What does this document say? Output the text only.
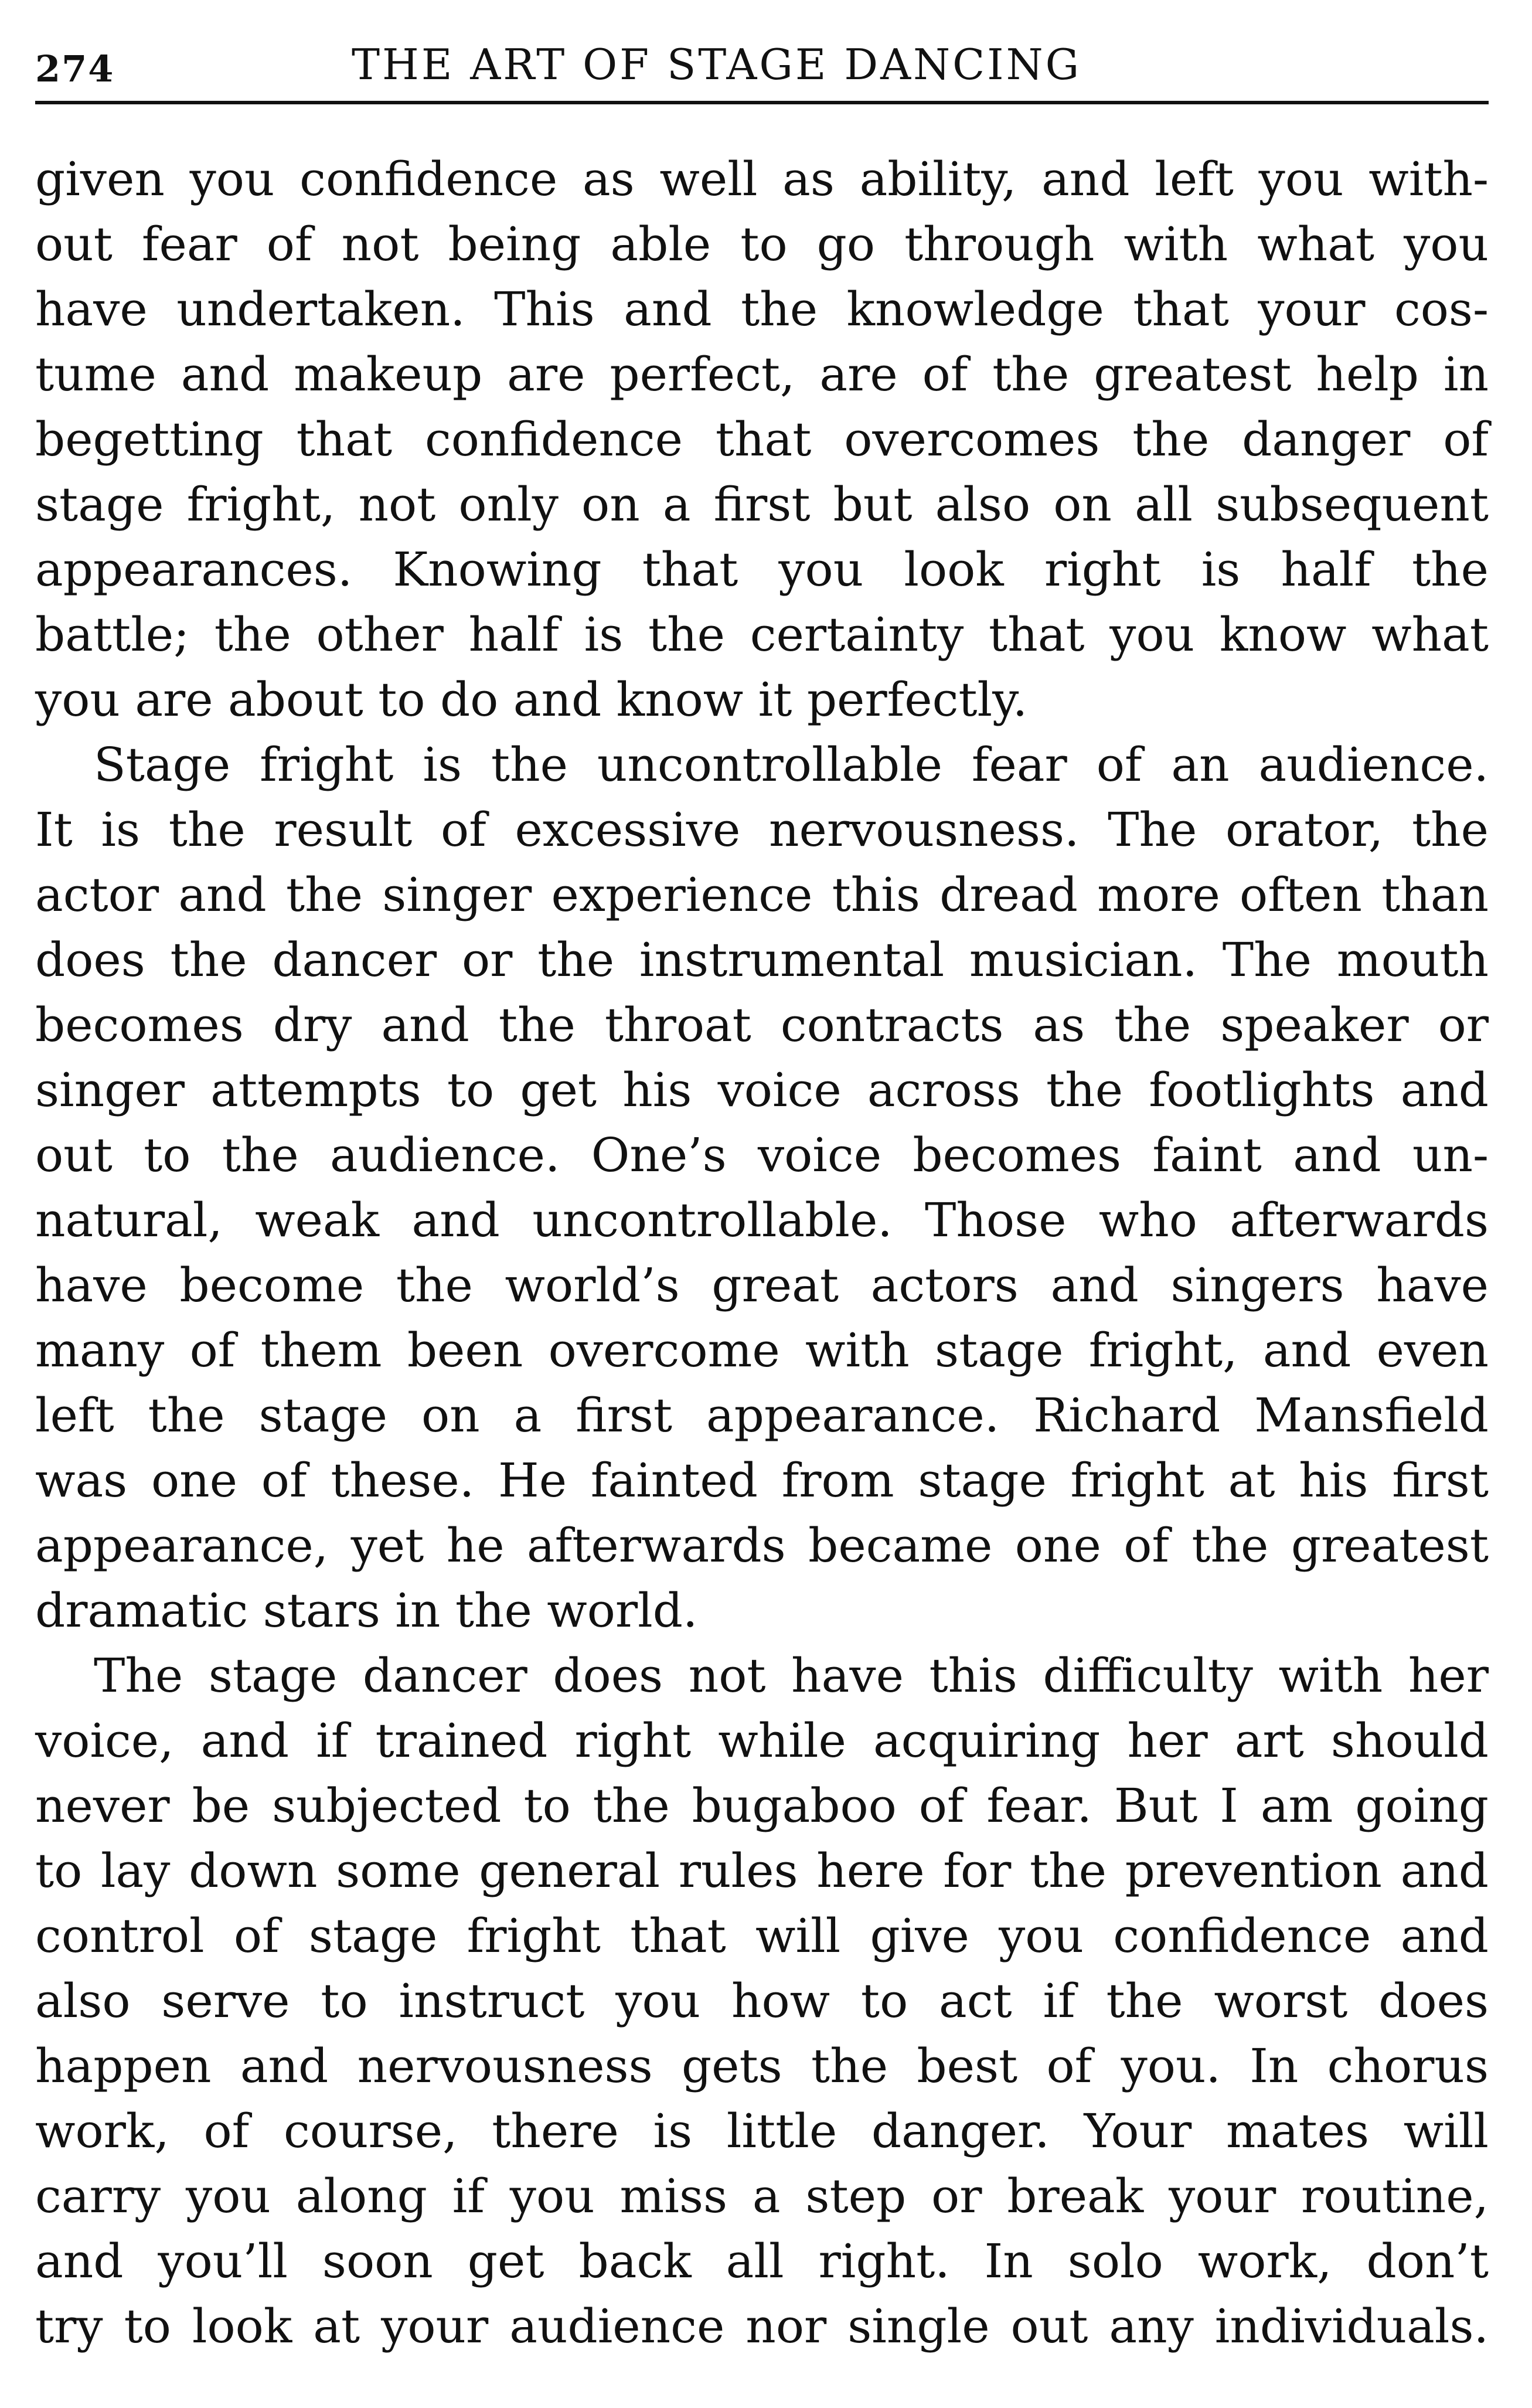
274	THE ART OF STAGE DANCING
given you confidence as well as ability, and left you with-
out fear of not being able to go through with what you
have undertaken. This and the knowledge that your cos-
tume and makeup are perfect, are of the greatest help in
begetting that confidence that overcomes the danger of
stage fright, not only on a first but also on all subsequent
appearances. Knowing that you look right is half the
battle; the other half is the certainty that you know what
you are about to do and know it perfectly.
Stage fright is the uncontrollable fear of an audience.
It is the result of excessive nervousness. The orator, the
actor and the singer experience this dread more often than
does the dancer or the instrumental musician. The mouth
becomes dry and the throat contracts as the speaker or
singer attempts to get his voice across the footlights and
out to the audience. One’s voice becomes faint and un-
natural, weak and uncontrollable. Those who afterwards
have become the world’s great actors and singers have
many of them been overcome with stage fright, and even
left the stage on a first appearance. Richard Mansfield
was one of these. He fainted from stage fright at his first
appearance, yet he afterwards became one of the greatest
dramatic stars in the world.
The stage dancer does not have this difficulty with her
voice, and if trained right while acquiring her art should
never be subjected to the bugaboo of fear. But I am going
to lay down some general rules here for the prevention and
control of stage fright that will give you confidence and
also serve to instruct you how to act if the worst does
happen and nervousness gets the best of you. In chorus
work, of course, there is little danger. Your mates will
carry you along if you miss a step or break your routine,
and you’ll soon get back all right. In solo work, don’t
try to look at your audience nor single out any individuals.
